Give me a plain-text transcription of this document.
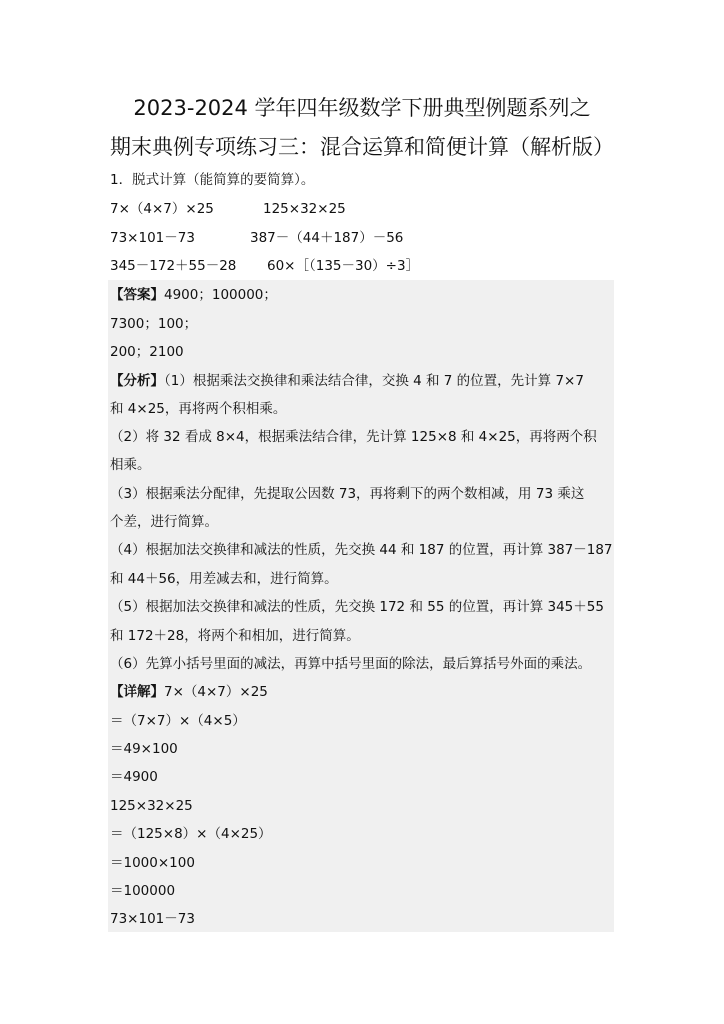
2023-2024 学年四年级数学下册典型例题系列之
期末典例专项练习三：混合运算和简便计算（解析版）
1．脱式计算（能简算的要简算）。
7×（4×7）×25	125×32×25
73×101－73	387－（44＋187）－56
345－172＋55－28 60×［（135－30）÷3］
【答案】4900；100000；
7300；100；
200；2100
【分析】（1）根据乘法交换律和乘法结合律，交换 4 和 7 的位置，先计算 7×7
和 4×25，再将两个积相乘。
（2）将 32 看成 8×4，根据乘法结合律，先计算 125×8 和 4×25，再将两个积
相乘。
（3）根据乘法分配律，先提取公因数 73，再将剩下的两个数相减，用 73 乘这
个差，进行简算。
（4）根据加法交换律和减法的性质，先交换 44 和 187 的位置，再计算 387－187
和 44＋56，用差减去和，进行简算。
（5）根据加法交换律和减法的性质，先交换 172 和 55 的位置，再计算 345＋55
和 172＋28，将两个和相加，进行简算。
（6）先算小括号里面的减法，再算中括号里面的除法，最后算括号外面的乘法。
【详解】7×（4×7）×25
＝（7×7）×（4×5）
＝49×100
＝4900
125×32×25
＝（125×8）×（4×25）
＝1000×100
＝100000
73×101－73
